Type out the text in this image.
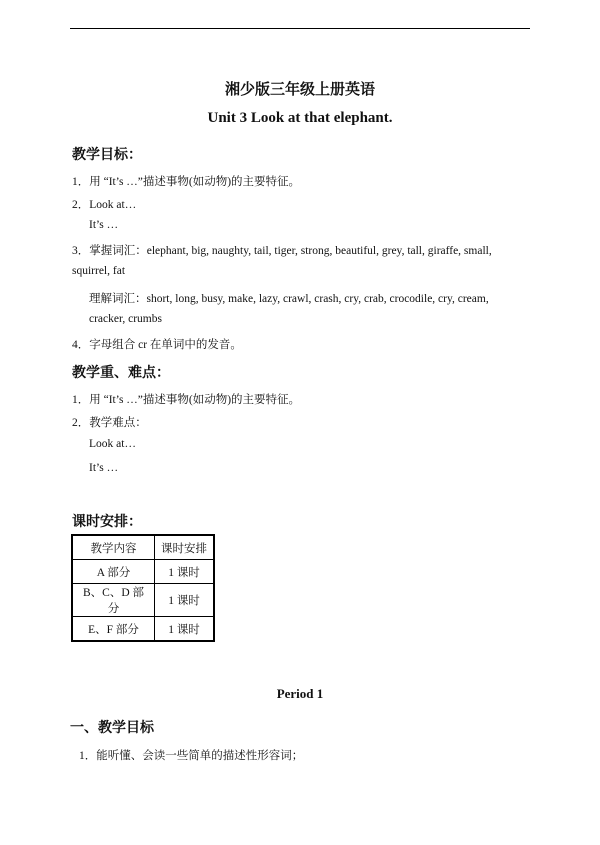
湘少版三年级上册英语
Unit 3 Look at that elephant.
教学目标：
1．用 “It’s …”描述事物(如动物)的主要特征。
2．Look at…
It’s …
3．掌握词汇：elephant, big, naughty, tail, tiger, strong, beautiful, grey, tall, giraffe, small,
squirrel, fat
理解词汇：short, long, busy, make, lazy, crawl, crash, cry, crab, crocodile, cry, cream,
cracker, crumbs
4．字母组合 cr 在单词中的发音。
教学重、难点：
1．用 “It’s …”描述事物(如动物)的主要特征。
2．教学难点：
Look at…
It’s …
课时安排：
教学内容	课时安排
A 部分	1 课时
B、C、D 部分	1 课时
E、F 部分	1 课时
Period 1
一、教学目标
1．能听懂、会读一些简单的描述性形容词；
